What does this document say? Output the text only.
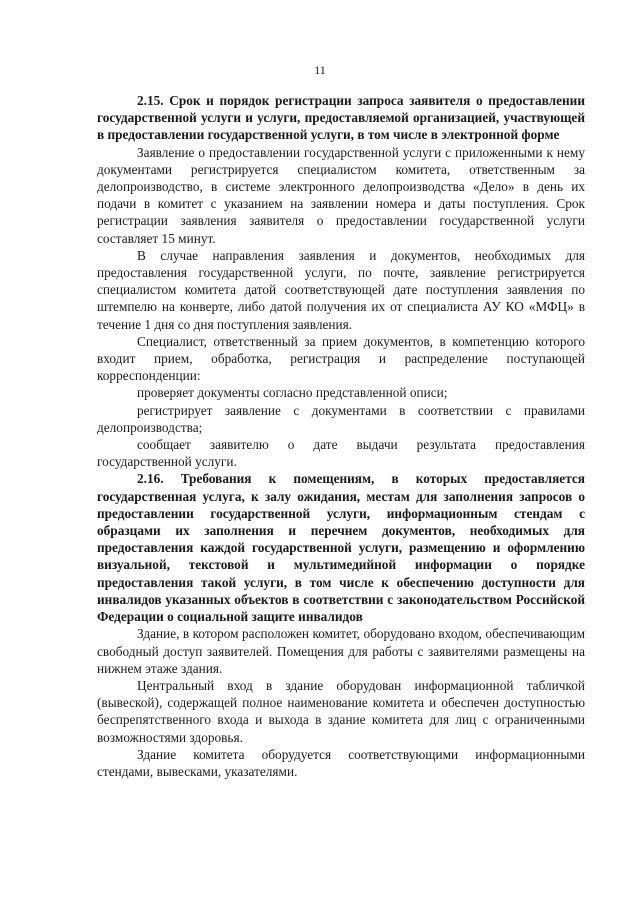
11

2.15. Срок и порядок регистрации запроса заявителя о предоставлении государственной услуги и услуги, предоставляемой организацией, участвующей в предоставлении государственной услуги, в том числе в электронной форме

Заявление о предоставлении государственной услуги с приложенными к нему документами регистрируется специалистом комитета, ответственным за делопроизводство, в системе электронного делопроизводства «Дело» в день их подачи в комитет с указанием на заявлении номера и даты поступления. Срок регистрации заявления заявителя о предоставлении государственной услуги составляет 15 минут.

В случае направления заявления и документов, необходимых для предоставления государственной услуги, по почте, заявление регистрируется специалистом комитета датой соответствующей дате поступления заявления по штемпелю на конверте, либо датой получения их от специалиста АУ КО «МФЦ» в течение 1 дня со дня поступления заявления.

Специалист, ответственный за прием документов, в компетенцию которого входит прием, обработка, регистрация и распределение поступающей корреспонденции:

проверяет документы согласно представленной описи;

регистрирует заявление с документами в соответствии с правилами делопроизводства;

сообщает заявителю о дате выдачи результата предоставления государственной услуги.

2.16. Требования к помещениям, в которых предоставляется государственная услуга, к залу ожидания, местам для заполнения запросов о предоставлении государственной услуги, информационным стендам с образцами их заполнения и перечнем документов, необходимых для предоставления каждой государственной услуги, размещению и оформлению визуальной, текстовой и мультимедийной информации о порядке предоставления такой услуги, в том числе к обеспечению доступности для инвалидов указанных объектов в соответствии с законодательством Российской Федерации о социальной защите инвалидов

Здание, в котором расположен комитет, оборудовано входом, обеспечивающим свободный доступ заявителей. Помещения для работы с заявителями размещены на нижнем этаже здания.

Центральный вход в здание оборудован информационной табличкой (вывеской), содержащей полное наименование комитета и обеспечен доступностью беспрепятственного входа и выхода в здание комитета для лиц с ограниченными возможностями здоровья.

Здание комитета оборудуется соответствующими информационными стендами, вывесками, указателями.
